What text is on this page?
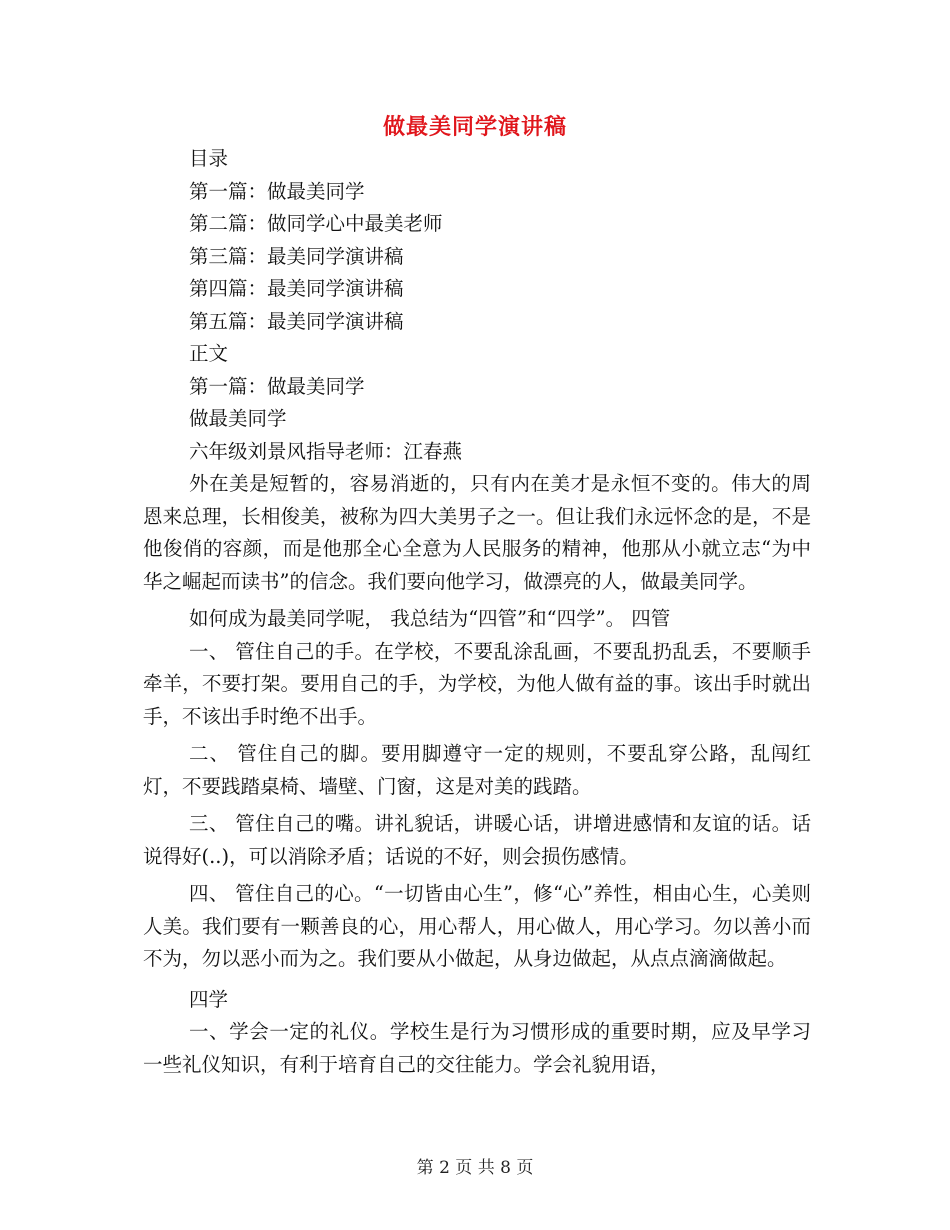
做最美同学演讲稿

目录

第一篇：做最美同学

第二篇：做同学心中最美老师

第三篇：最美同学演讲稿

第四篇：最美同学演讲稿

第五篇：最美同学演讲稿

正文

第一篇：做最美同学

做最美同学

六年级刘景风指导老师：江春燕

外在美是短暂的，容易消逝的，只有内在美才是永恒不变的。伟大的周恩来总理，长相俊美，被称为四大美男子之一。但让我们永远怀念的是，不是他俊俏的容颜，而是他那全心全意为人民服务的精神，他那从小就立志“为中华之崛起而读书”的信念。我们要向他学习，做漂亮的人，做最美同学。

如何成为最美同学呢， 我总结为“四管”和“四学”。 四管

一、 管住自己的手。在学校，不要乱涂乱画，不要乱扔乱丢，不要顺手牵羊，不要打架。要用自己的手，为学校，为他人做有益的事。该出手时就出手，不该出手时绝不出手。

二、 管住自己的脚。要用脚遵守一定的规则，不要乱穿公路，乱闯红灯，不要践踏桌椅、墙壁、门窗，这是对美的践踏。

三、 管住自己的嘴。讲礼貌话，讲暖心话，讲增进感情和友谊的话。话说得好(..)，可以消除矛盾；话说的不好，则会损伤感情。

四、 管住自己的心。“一切皆由心生”，修“心”养性，相由心生，心美则人美。我们要有一颗善良的心，用心帮人，用心做人，用心学习。勿以善小而不为，勿以恶小而为之。我们要从小做起，从身边做起，从点点滴滴做起。

四学

一、学会一定的礼仪。学校生是行为习惯形成的重要时期，应及早学习一些礼仪知识，有利于培育自己的交往能力。学会礼貌用语，

第 2 页 共 8 页
